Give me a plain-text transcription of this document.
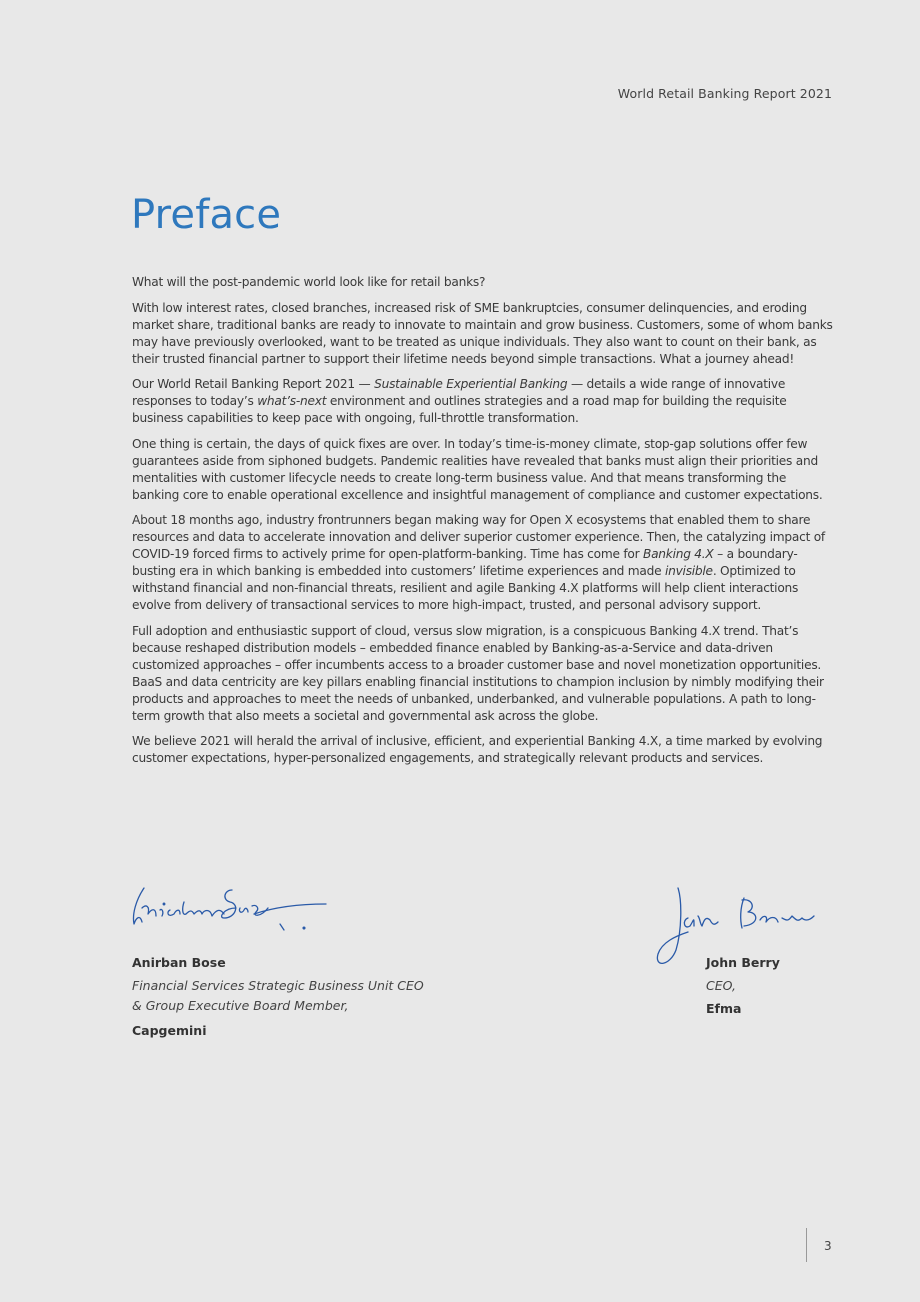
World Retail Banking Report 2021
Preface

What will the post-pandemic world look like for retail banks?

With low interest rates, closed branches, increased risk of SME bankruptcies, consumer delinquencies, and eroding market share, traditional banks are ready to innovate to maintain and grow business. Customers, some of whom banks may have previously overlooked, want to be treated as unique individuals. They also want to count on their bank, as their trusted financial partner to support their lifetime needs beyond simple transactions. What a journey ahead!

Our World Retail Banking Report 2021 — Sustainable Experiential Banking — details a wide range of innovative responses to today’s what’s-next environment and outlines strategies and a road map for building the requisite business capabilities to keep pace with ongoing, full-throttle transformation.

One thing is certain, the days of quick fixes are over. In today’s time-is-money climate, stop-gap solutions offer few guarantees aside from siphoned budgets. Pandemic realities have revealed that banks must align their priorities and mentalities with customer lifecycle needs to create long-term business value. And that means transforming the banking core to enable operational excellence and insightful management of compliance and customer expectations.

About 18 months ago, industry frontrunners began making way for Open X ecosystems that enabled them to share resources and data to accelerate innovation and deliver superior customer experience. Then, the catalyzing impact of COVID-19 forced firms to actively prime for open-platform-banking. Time has come for Banking 4.X – a boundary-busting era in which banking is embedded into customers’ lifetime experiences and made invisible. Optimized to withstand financial and non-financial threats, resilient and agile Banking 4.X platforms will help client interactions evolve from delivery of transactional services to more high-impact, trusted, and personal advisory support.

Full adoption and enthusiastic support of cloud, versus slow migration, is a conspicuous Banking 4.X trend. That’s because reshaped distribution models – embedded finance enabled by Banking-as-a-Service and data-driven customized approaches – offer incumbents access to a broader customer base and novel monetization opportunities. BaaS and data centricity are key pillars enabling financial institutions to champion inclusion by nimbly modifying their products and approaches to meet the needs of unbanked, underbanked, and vulnerable populations. A path to long-term growth that also meets a societal and governmental ask across the globe.

We believe 2021 will herald the arrival of inclusive, efficient, and experiential Banking 4.X, a time marked by evolving customer expectations, hyper-personalized engagements, and strategically relevant products and services.

Anirban Bose
Financial Services Strategic Business Unit CEO
& Group Executive Board Member,
Capgemini
John Berry
CEO,
Efma
3
